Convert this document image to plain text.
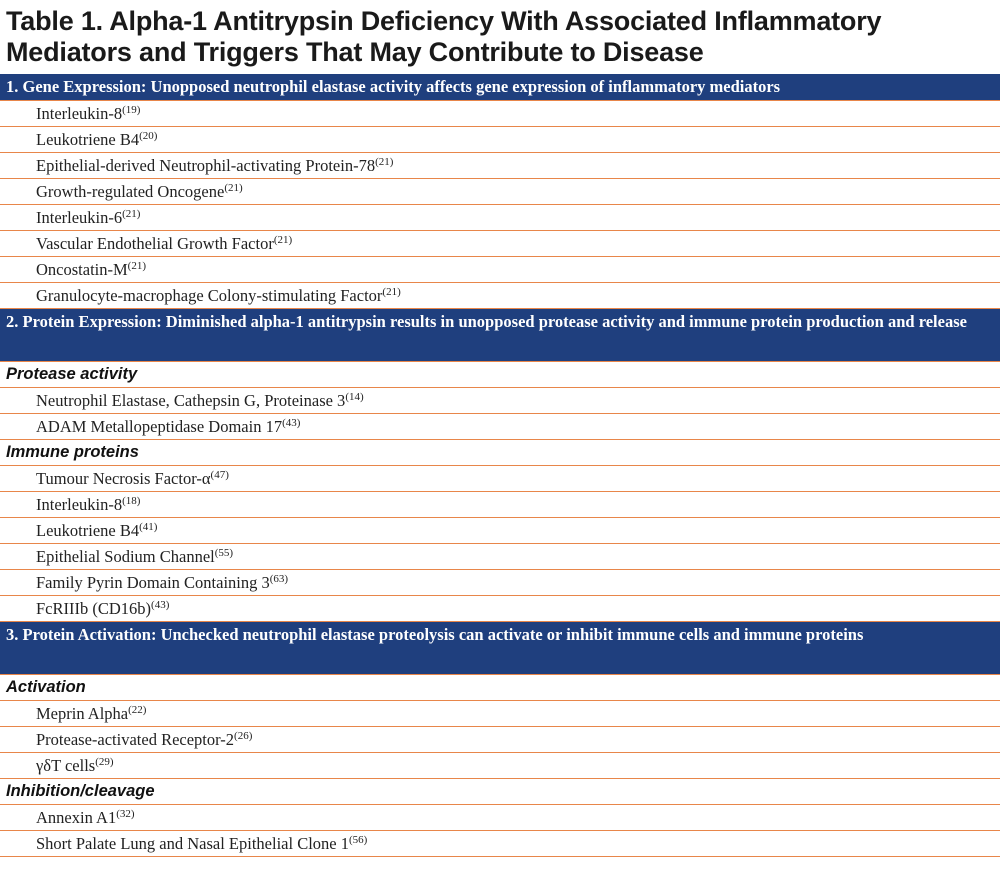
Table 1. Alpha-1 Antitrypsin Deficiency With Associated Inflammatory Mediators and Triggers That May Contribute to Disease
1. Gene Expression: Unopposed neutrophil elastase activity affects gene expression of inflammatory mediators
Interleukin-8$^{(19)}$
Leukotriene B4$^{(20)}$
Epithelial-derived Neutrophil-activating Protein-78$^{(21)}$
Growth-regulated Oncogene$^{(21)}$
Interleukin-6$^{(21)}$
Vascular Endothelial Growth Factor$^{(21)}$
Oncostatin-$M^{(21)}$
Granulocyte-macrophage Colony-stimulating Factor$^{(21)}$
2. Protein Expression: Diminished alpha-1 antitrypsin results in unopposed protease activity and immune protein production and release
Protease activity
Neutrophil Elastase, Cathepsin G, Proteinase 3$^{(14)}$
ADAM Metallopeptidase Domain 17$^{(43)}$
Immune proteins
Tumour Necrosis Factor-$\alpha^{(47)}$
Interleukin-8$^{(18)}$
Leukotriene B4$^{(41)}$
Epithelial Sodium Channel$^{(55)}$
Family Pyrin Domain Containing 3$^{(63)}$
FcRIIIb $(CD16b)^{(43)}$
3. Protein Activation: Unchecked neutrophil elastase proteolysis can activate or inhibit immune cells and immune proteins
Activation
Meprin Alpha$^{(22)}$
Protease-activated Receptor-2$^{(26)}$
γδT cells$^{(29)}$
Inhibition/cleavage
Annexin A1$^{(32)}$
Short Palate Lung and Nasal Epithelial Clone 1$^{(56)}$
